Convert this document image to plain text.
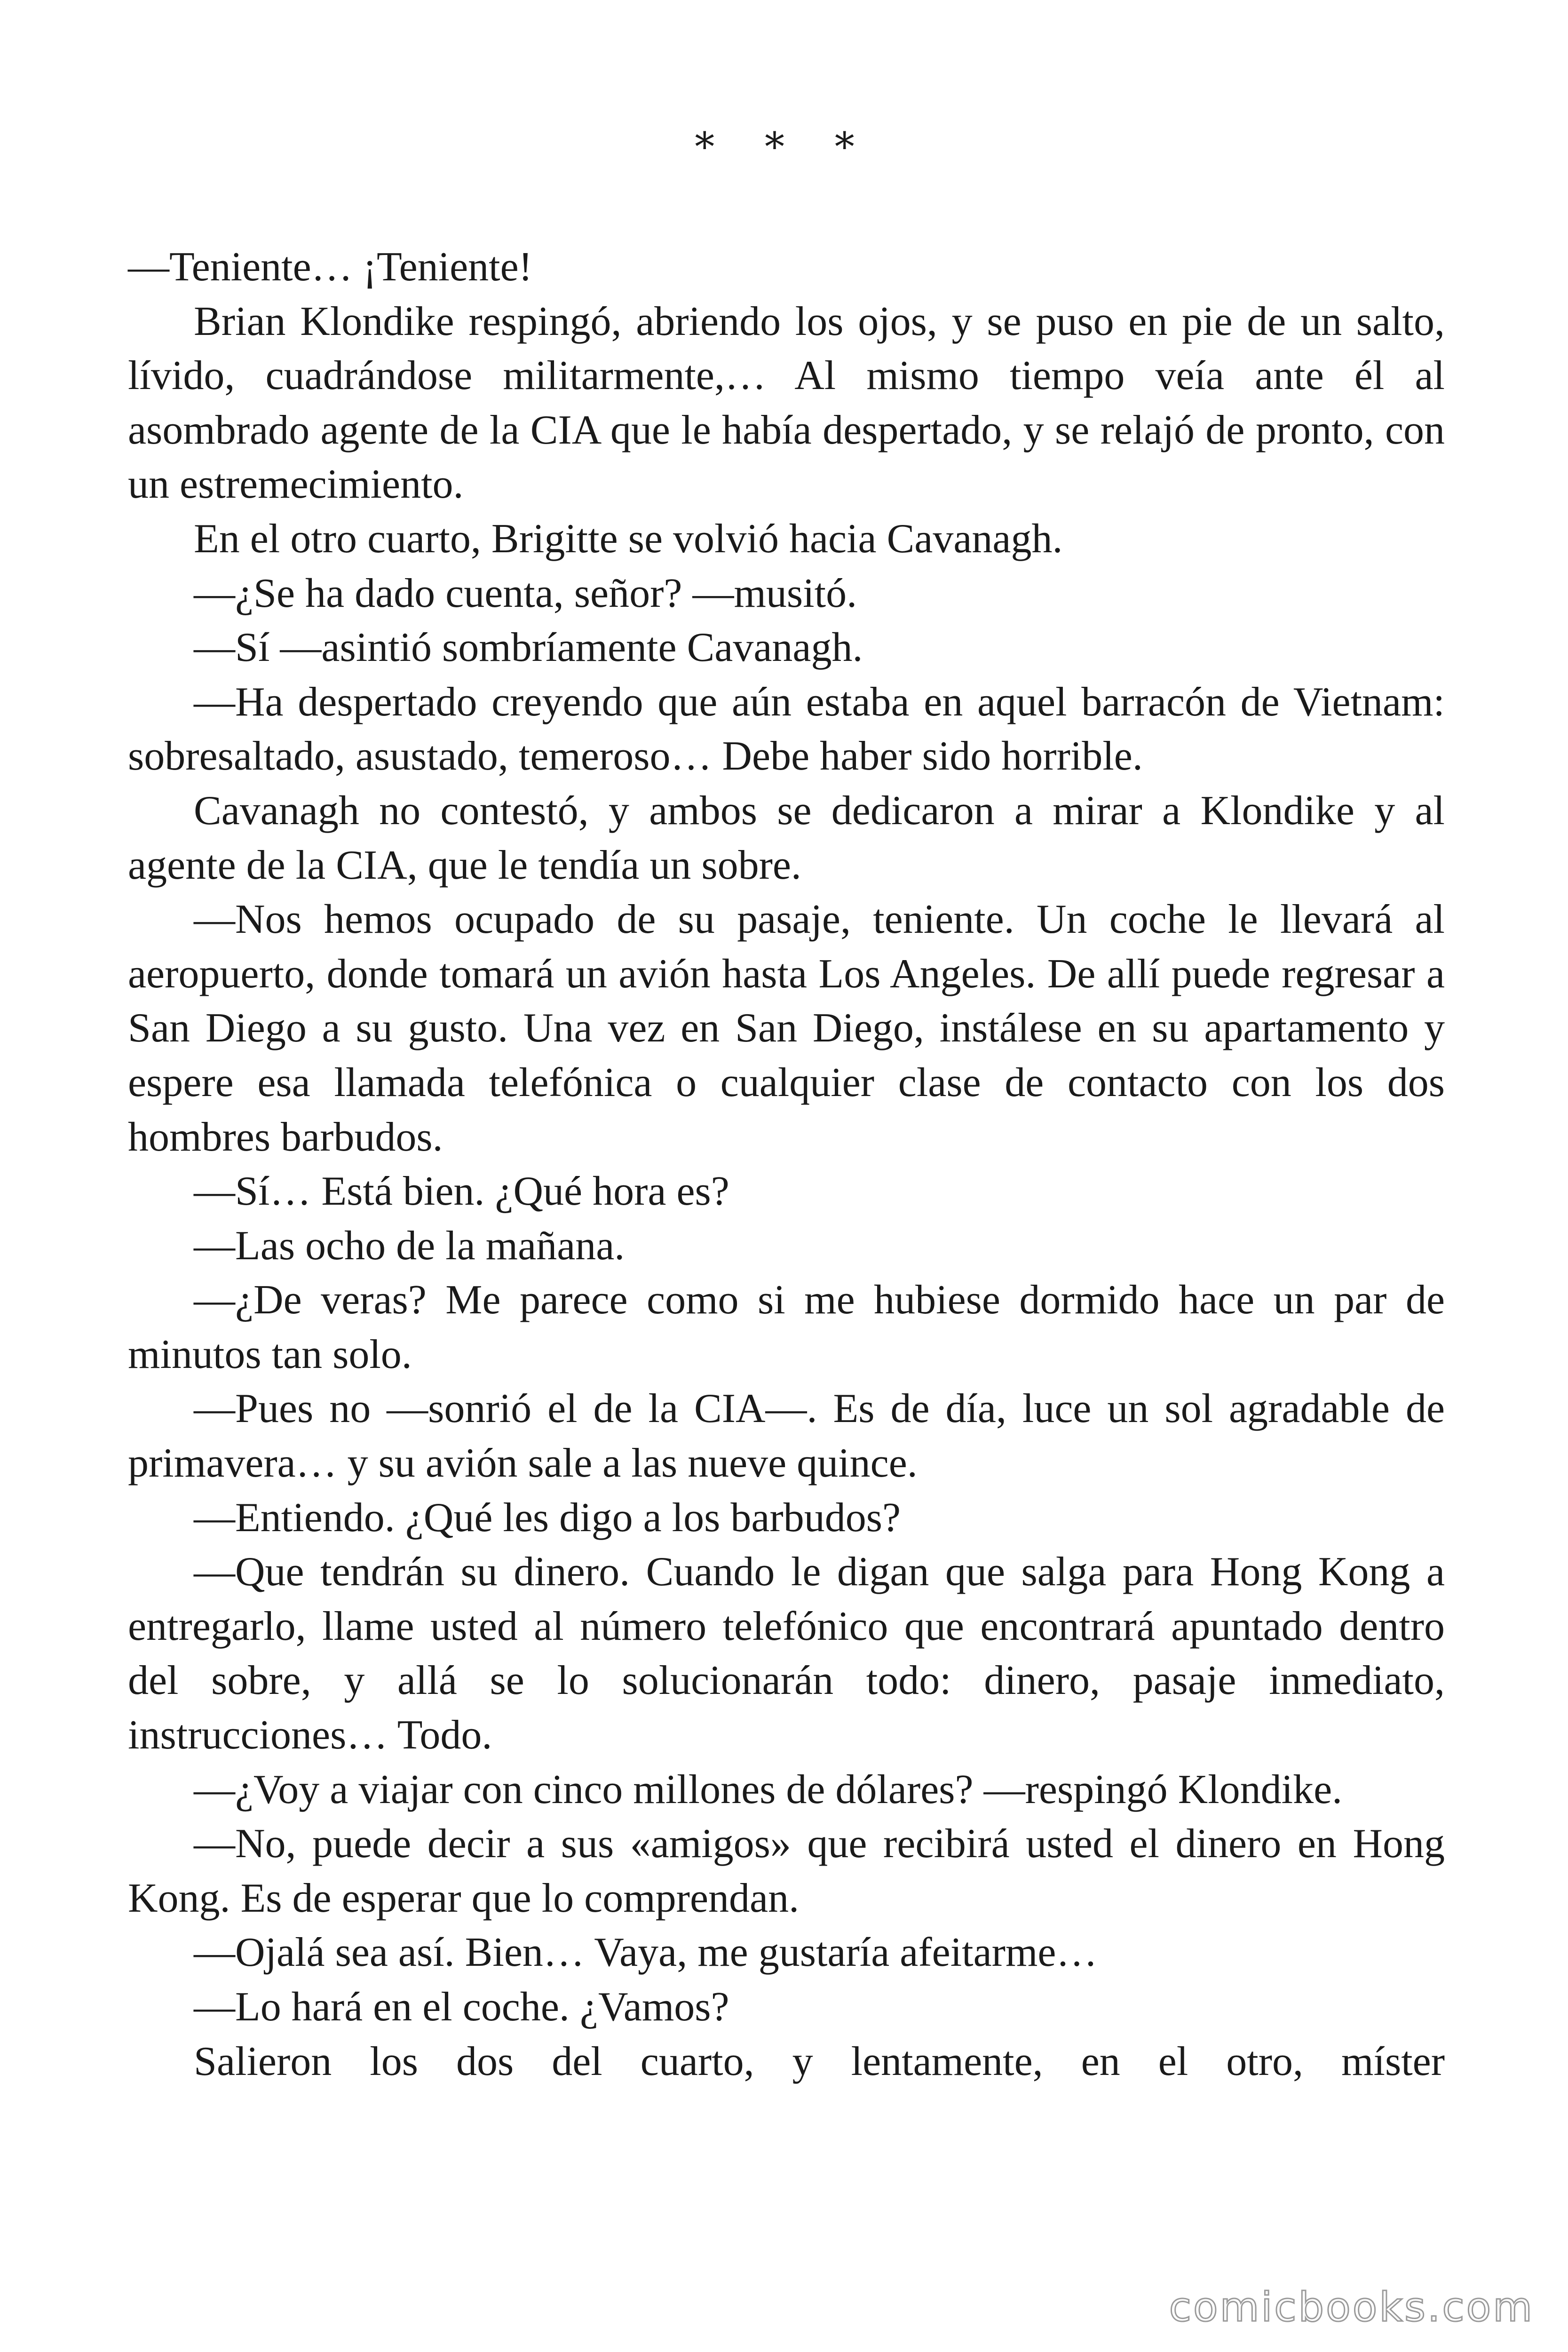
* * *

—Teniente… ¡Teniente!

Brian Klondike respingó, abriendo los ojos, y se puso en pie de un salto, lívido, cuadrándose militarmente,… Al mismo tiempo veía ante él al asombrado agente de la CIA que le había despertado, y se relajó de pronto, con un estremecimiento.

En el otro cuarto, Brigitte se volvió hacia Cavanagh.

—¿Se ha dado cuenta, señor? —musitó.

—Sí —asintió sombríamente Cavanagh.

—Ha despertado creyendo que aún estaba en aquel barracón de Vietnam: sobresaltado, asustado, temeroso… Debe haber sido horrible.

Cavanagh no contestó, y ambos se dedicaron a mirar a Klondike y al agente de la CIA, que le tendía un sobre.

—Nos hemos ocupado de su pasaje, teniente. Un coche le llevará al aeropuerto, donde tomará un avión hasta Los Angeles. De allí puede regresar a San Diego a su gusto. Una vez en San Diego, instálese en su apartamento y espere esa llamada telefónica o cualquier clase de contacto con los dos hombres barbudos.

—Sí… Está bien. ¿Qué hora es?

—Las ocho de la mañana.

—¿De veras? Me parece como si me hubiese dormido hace un par de minutos tan solo.

—Pues no —sonrió el de la CIA—. Es de día, luce un sol agradable de primavera… y su avión sale a las nueve quince.

—Entiendo. ¿Qué les digo a los barbudos?

—Que tendrán su dinero. Cuando le digan que salga para Hong Kong a entregarlo, llame usted al número telefónico que encontrará apuntado dentro del sobre, y allá se lo solucionarán todo: dinero, pasaje inmediato, instrucciones… Todo.

—¿Voy a viajar con cinco millones de dólares? —respingó Klondike.

—No, puede decir a sus «amigos» que recibirá usted el dinero en Hong Kong. Es de esperar que lo comprendan.

—Ojalá sea así. Bien… Vaya, me gustaría afeitarme…

—Lo hará en el coche. ¿Vamos?

Salieron los dos del cuarto, y lentamente, en el otro, míster

comicbooks.com
